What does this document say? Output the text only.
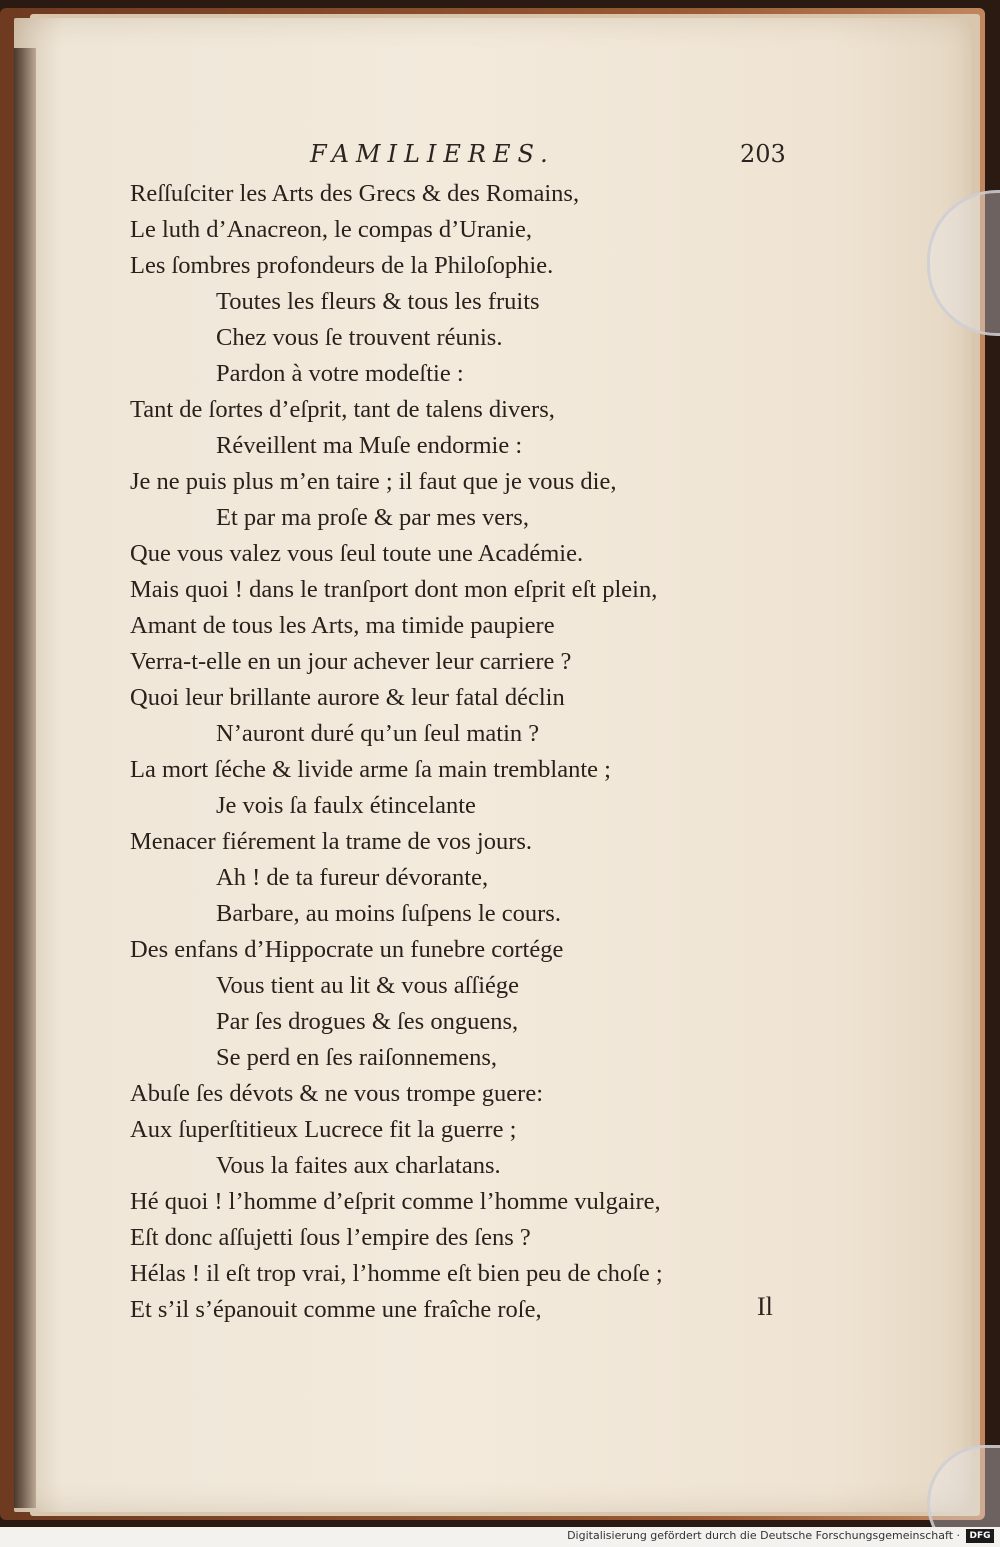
FAMILIERES.	203
Reſſuſciter les Arts des Grecs & des Romains,
Le luth d’Anacreon, le compas d’Uranie,
Les ſombres profondeurs de la Philoſophie.
Toutes les fleurs & tous les fruits
Chez vous ſe trouvent réunis.
Pardon à votre modeſtie :
Tant de ſortes d’eſprit, tant de talens divers,
Réveillent ma Muſe endormie :
Je ne puis plus m’en taire ; il faut que je vous die,
Et par ma proſe & par mes vers,
Que vous valez vous ſeul toute une Académie.
Mais quoi ! dans le tranſport dont mon eſprit eſt plein,
Amant de tous les Arts, ma timide paupiere
Verra-t-elle en un jour achever leur carriere ?
Quoi leur brillante aurore & leur fatal déclin
N’auront duré qu’un ſeul matin ?
La mort ſéche & livide arme ſa main tremblante ;
Je vois ſa faulx étincelante
Menacer fiérement la trame de vos jours.
Ah ! de ta fureur dévorante,
Barbare, au moins ſuſpens le cours.
Des enfans d’Hippocrate un funebre cortége
Vous tient au lit & vous aſſiége
Par ſes drogues & ſes onguens,
Se perd en ſes raiſonnemens,
Abuſe ſes dévots & ne vous trompe guere:
Aux ſuperſtitieux Lucrece fit la guerre ;
Vous la faites aux charlatans.
Hé quoi ! l’homme d’eſprit comme l’homme vulgaire,
Eſt donc aſſujetti ſous l’empire des ſens ?
Hélas ! il eſt trop vrai, l’homme eſt bien peu de choſe ;
Et s’il s’épanouit comme une fraîche roſe,	Il
Digitalisierung gefördert durch die Deutsche Forschungsgemeinschaft ·	DFG
